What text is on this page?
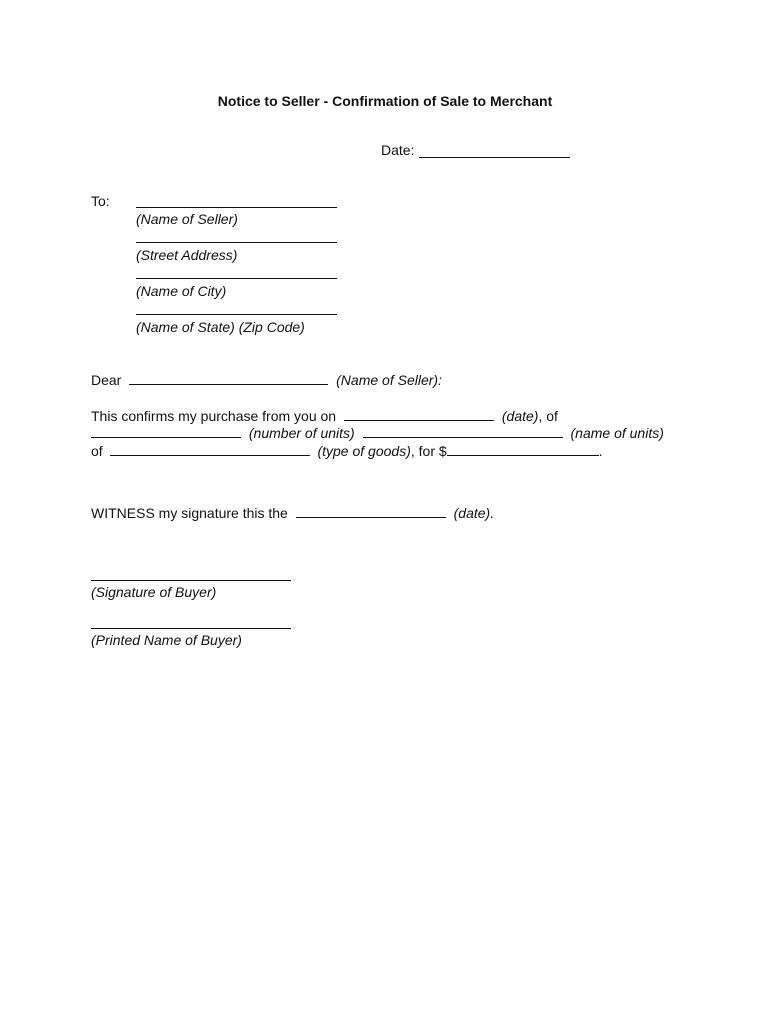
Notice to Seller - Confirmation of Sale to Merchant
Date:
To:
(Name of Seller)
(Street Address)
(Name of City)
(Name of State) (Zip Code)
Dear	(Name of Seller):
This confirms my purchase from you on	(date), of
(number of units)	(name of units)
of	(type of goods), for $	.
WITNESS my signature this the	(date).
(Signature of Buyer)
(Printed Name of Buyer)
